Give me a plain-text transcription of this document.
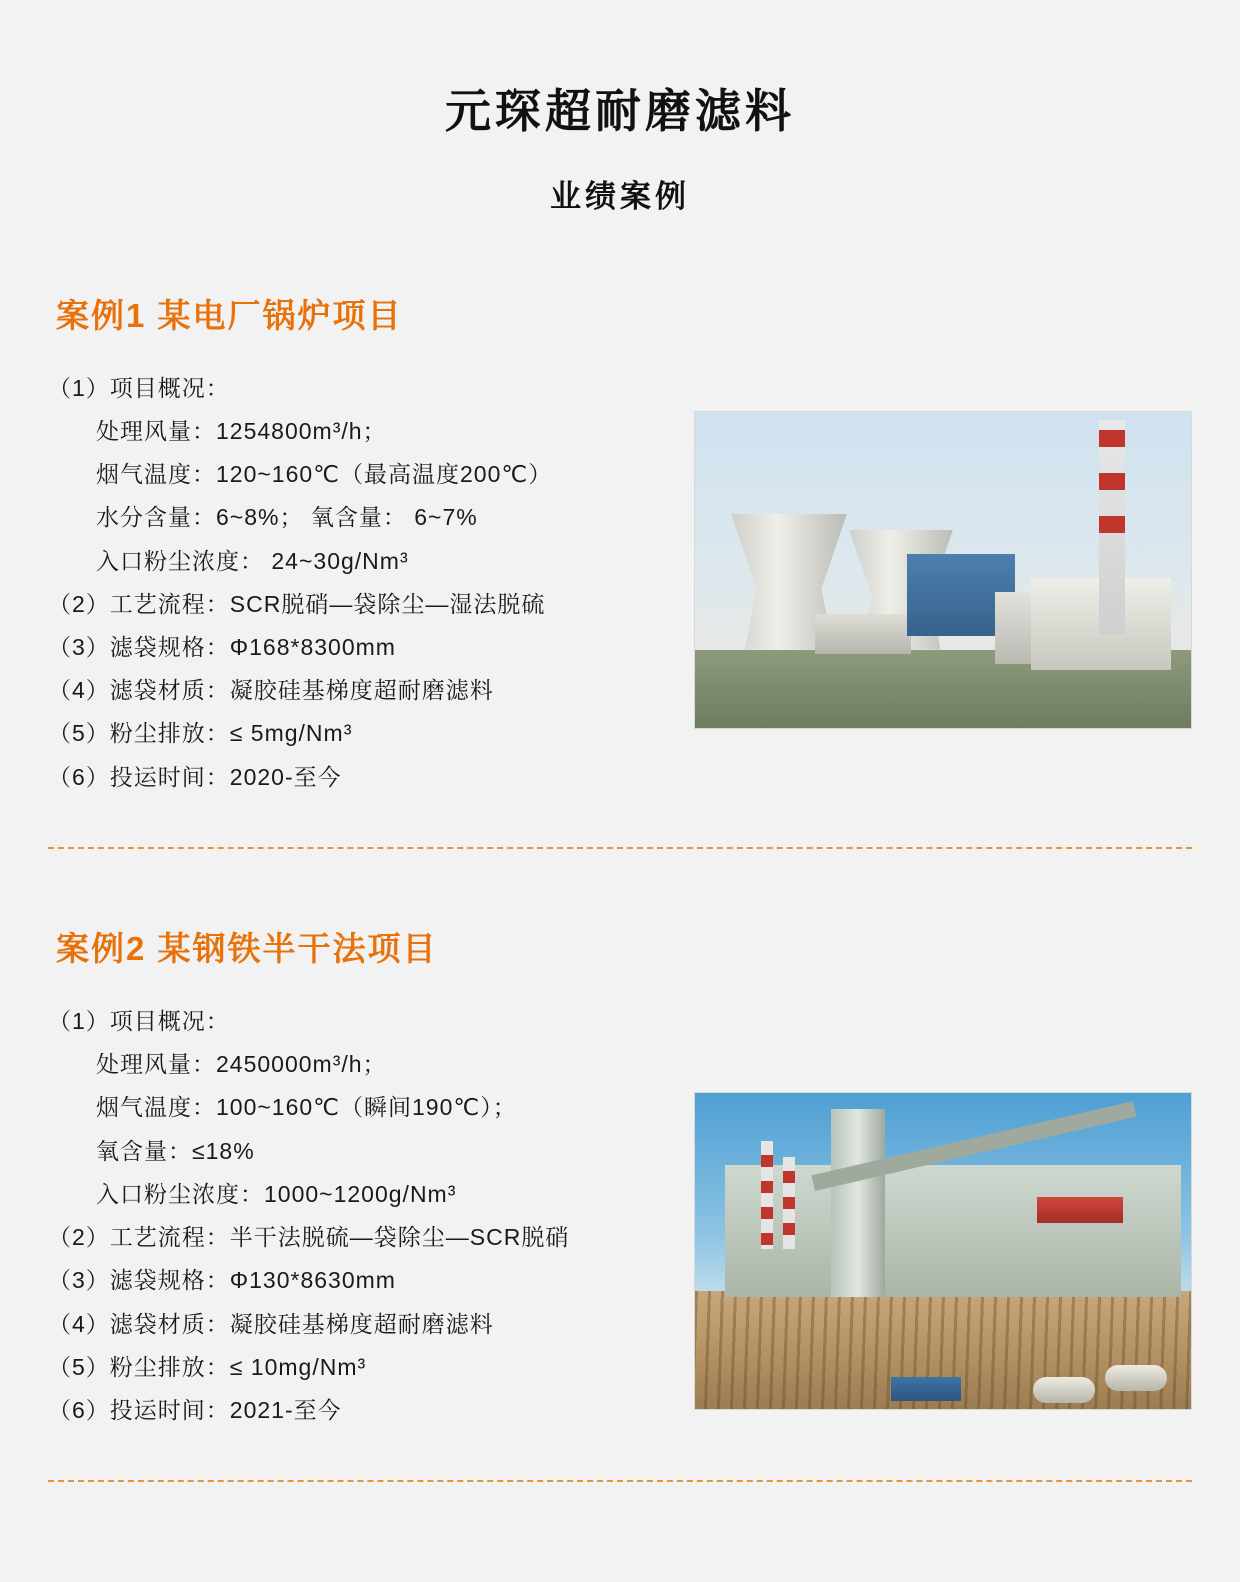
元琛超耐磨滤料
业绩案例
案例1 某电厂锅炉项目
（1）项目概况：
处理风量：1254800m³/h；
烟气温度：120~160℃（最高温度200℃）
水分含量：6~8%； 氧含量： 6~7%
入口粉尘浓度： 24~30g/Nm³
（2）工艺流程：SCR脱硝—袋除尘—湿法脱硫
（3）滤袋规格：Φ168*8300mm
（4）滤袋材质：凝胶硅基梯度超耐磨滤料
（5）粉尘排放：≤ 5mg/Nm³
（6）投运时间：2020-至今
案例2 某钢铁半干法项目
（1）项目概况：
处理风量：2450000m³/h；
烟气温度：100~160℃（瞬间190℃）；
氧含量：≤18%
入口粉尘浓度：1000~1200g/Nm³
（2）工艺流程：半干法脱硫—袋除尘—SCR脱硝
（3）滤袋规格：Φ130*8630mm
（4）滤袋材质：凝胶硅基梯度超耐磨滤料
（5）粉尘排放：≤ 10mg/Nm³
（6）投运时间：2021-至今
